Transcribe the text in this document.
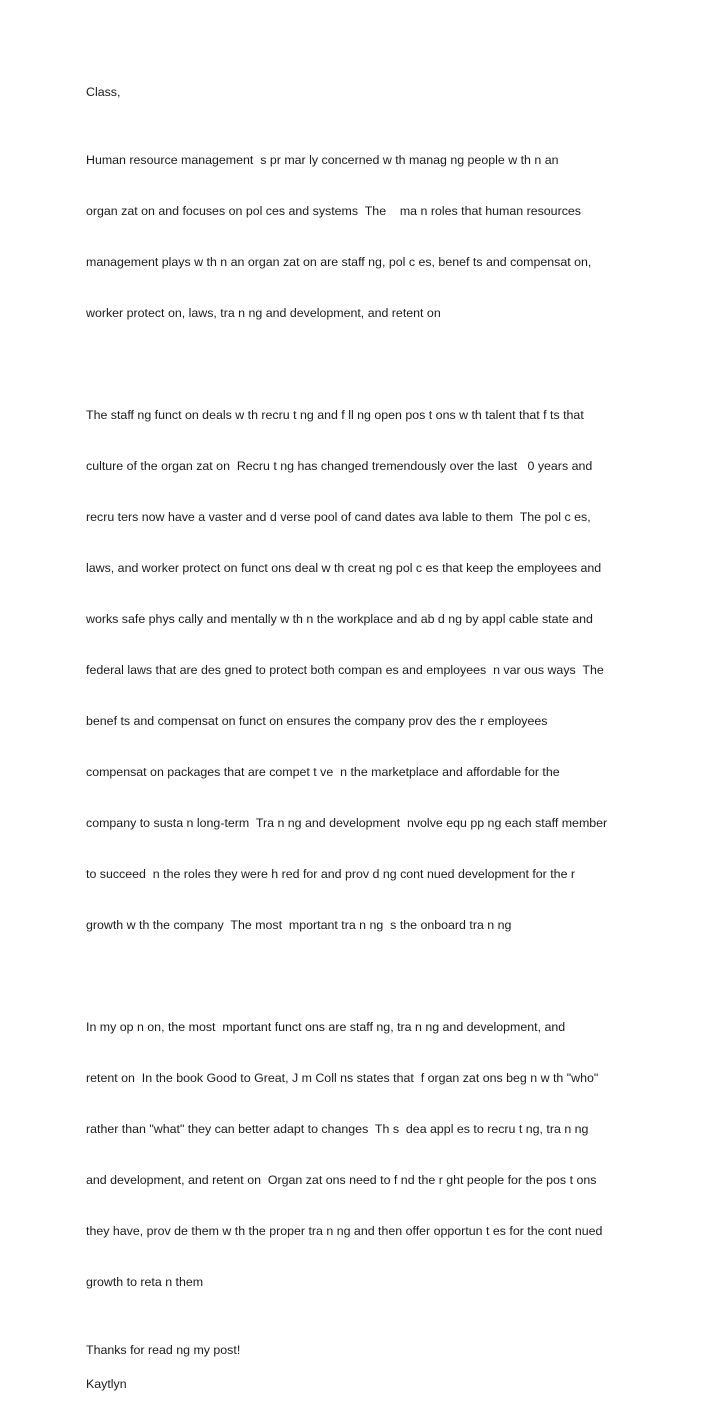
Class,

Human resource management  s pr mar ly concerned w th manag ng people w th n an

organ zat on and focuses on pol ces and systems  The    ma n roles that human resources

management plays w th n an organ zat on are staff ng, pol c es, benef ts and compensat on,

worker protect on, laws, tra n ng and development, and retent on

The staff ng funct on deals w th recru t ng and f ll ng open pos t ons w th talent that f ts that

culture of the organ zat on  Recru t ng has changed tremendously over the last   0 years and

recru ters now have a vaster and d verse pool of cand dates ava lable to them  The pol c es,

laws, and worker protect on funct ons deal w th creat ng pol c es that keep the employees and

works safe phys cally and mentally w th n the workplace and ab d ng by appl cable state and

federal laws that are des gned to protect both compan es and employees  n var ous ways  The

benef ts and compensat on funct on ensures the company prov des the r employees

compensat on packages that are compet t ve  n the marketplace and affordable for the

company to susta n long-term  Tra n ng and development  nvolve equ pp ng each staff member

to succeed  n the roles they were h red for and prov d ng cont nued development for the r

growth w th the company  The most  mportant tra n ng  s the onboard tra n ng

In my op n on, the most  mportant funct ons are staff ng, tra n ng and development, and

retent on  In the book Good to Great, J m Coll ns states that  f organ zat ons beg n w th "who"

rather than "what" they can better adapt to changes  Th s  dea appl es to recru t ng, tra n ng

and development, and retent on  Organ zat ons need to f nd the r ght people for the pos t ons

they have, prov de them w th the proper tra n ng and then offer opportun t es for the cont nued

growth to reta n them

Thanks for read ng my post!

Kaytlyn
